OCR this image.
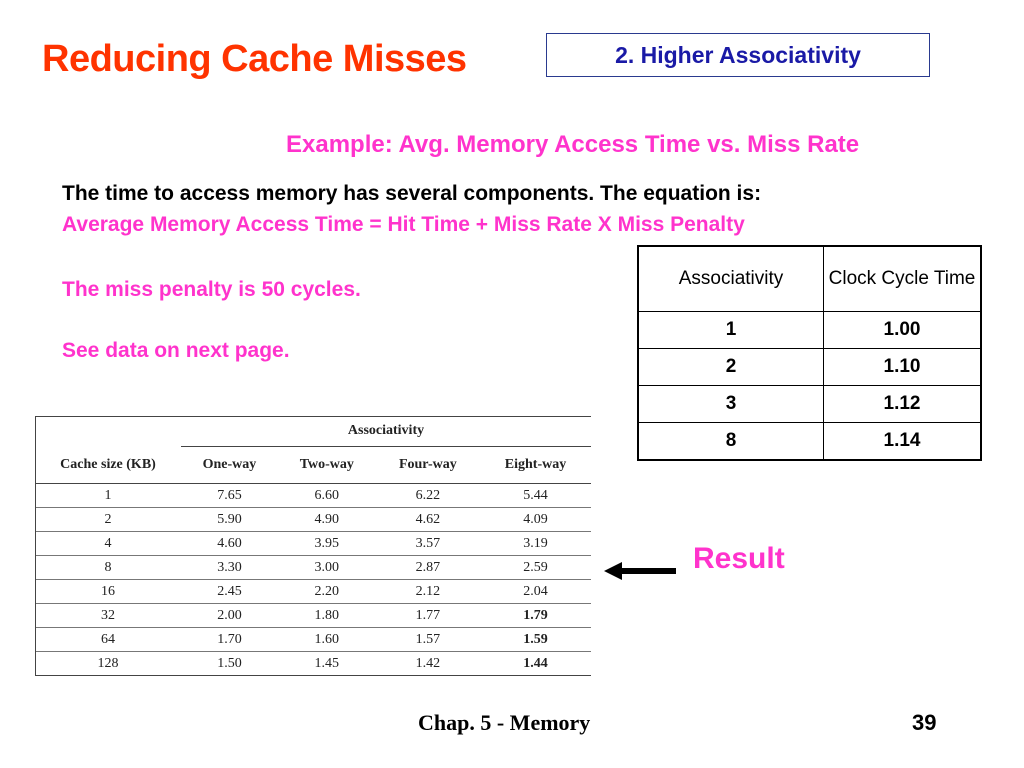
Reducing Cache Misses	2. Higher Associativity
Example: Avg. Memory Access Time vs. Miss Rate
The time to access memory has several components. The equation is:
Average Memory Access Time = Hit Time + Miss Rate X Miss Penalty
The miss penalty is 50 cycles.
See data on next page.
Associativity	Clock Cycle Time
1	1.00
2	1.10
3	1.12
8	1.14
	Associativity			
Cache size (KB)	One-way	Two-way	Four-way	Eight-way
1	7.65	6.60	6.22	5.44
2	5.90	4.90	4.62	4.09
4	4.60	3.95	3.57	3.19
8	3.30	3.00	2.87	2.59
16	2.45	2.20	2.12	2.04
32	2.00	1.80	1.77	1.79
64	1.70	1.60	1.57	1.59
128	1.50	1.45	1.42	1.44
Result
Chap. 5 - Memory	39
